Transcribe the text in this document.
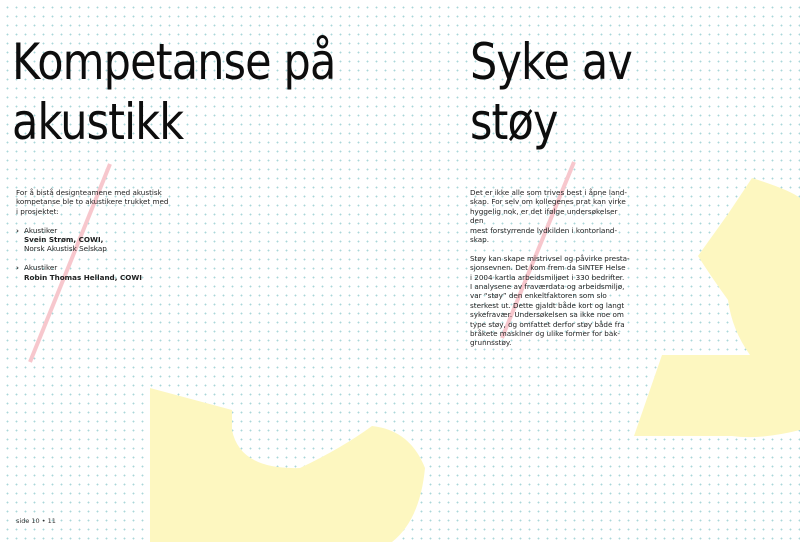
Kompetanse på
akustikk
Syke av
støy

For å bistå designteamene med akustisk

kompetanse ble to akustikere trukket med

i prosjektet:

› Akustiker

Svein Strøm, COWI,

Norsk Akustisk Selskap

› Akustiker

Robin Thomas Helland, COWI

Det er ikke alle som trives best i åpne land-

skap. For selv om kollegenes prat kan virke

hyggelig nok, er det ifølge undersøkelser den

mest forstyrrende lydkilden i kontorland-

skap.

Støy kan skape mistrivsel og påvirke presta-

sjonsevnen. Det kom frem da SINTEF Helse

i 2004 kartla arbeidsmiljøet i 330 bedrifter.

I analysene av fraværdata og arbeidsmiljø,

var “støy” den enkeltfaktoren som slo

sterkest ut. Dette gjaldt både kort og langt

sykefravær. Undersøkelsen sa ikke noe om

type støy, og omfattet derfor støy både fra

bråkete maskiner og ulike former for bak-

grunnsstøy.

side 10 • 11
